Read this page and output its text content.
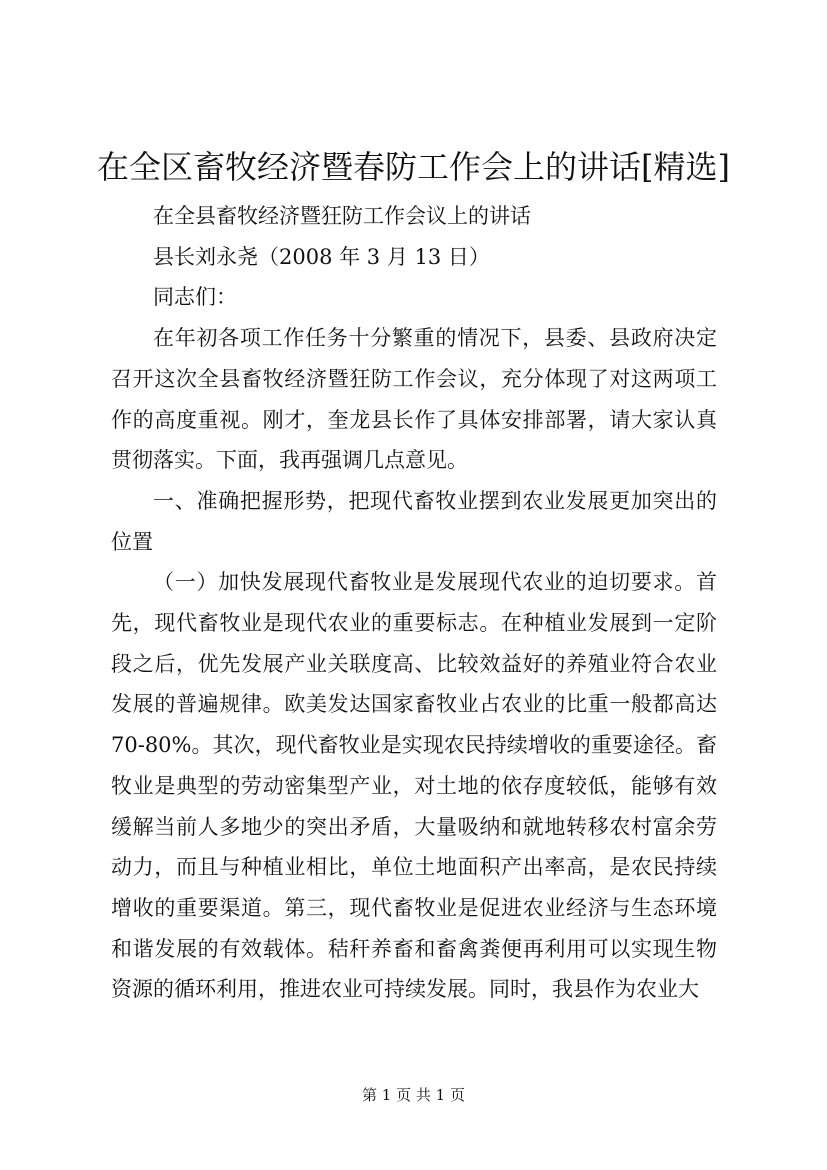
在全区畜牧经济暨春防工作会上的讲话[精选]

在全县畜牧经济暨狂防工作会议上的讲话

县长刘永尧（2008 年 3 月 13 日）

同志们：

在年初各项工作任务十分繁重的情况下，县委、县政府决定召开这次全县畜牧经济暨狂防工作会议，充分体现了对这两项工作的高度重视。刚才，奎龙县长作了具体安排部署，请大家认真贯彻落实。下面，我再强调几点意见。

一、准确把握形势，把现代畜牧业摆到农业发展更加突出的位置

（一）加快发展现代畜牧业是发展现代农业的迫切要求。首先，现代畜牧业是现代农业的重要标志。在种植业发展到一定阶段之后，优先发展产业关联度高、比较效益好的养殖业符合农业发展的普遍规律。欧美发达国家畜牧业占农业的比重一般都高达70-80%。其次，现代畜牧业是实现农民持续增收的重要途径。畜牧业是典型的劳动密集型产业，对土地的依存度较低，能够有效缓解当前人多地少的突出矛盾，大量吸纳和就地转移农村富余劳动力，而且与种植业相比，单位土地面积产出率高，是农民持续增收的重要渠道。第三，现代畜牧业是促进农业经济与生态环境和谐发展的有效载体。秸秆养畜和畜禽粪便再利用可以实现生物资源的循环利用，推进农业可持续发展。同时，我县作为农业大

第 1 页 共 1 页
